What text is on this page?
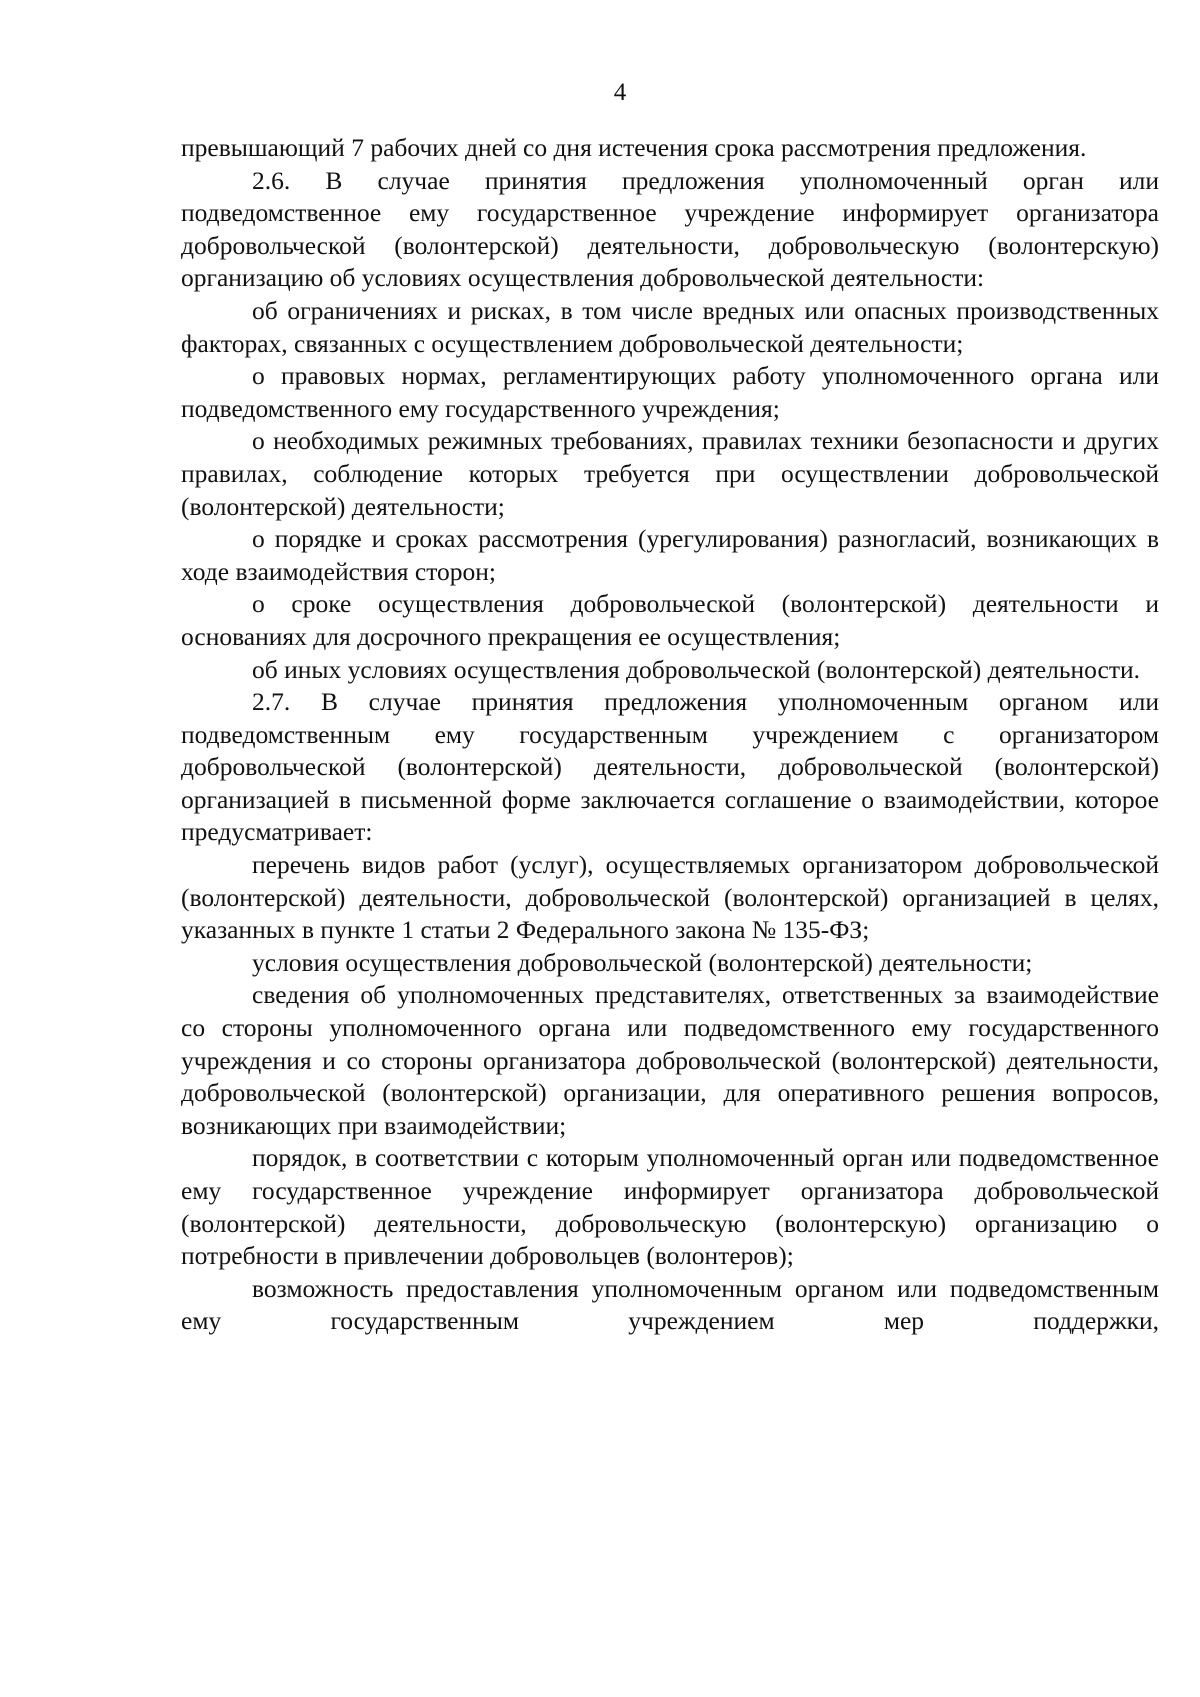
4

превышающий 7 рабочих дней со дня истечения срока рассмотрения предложения.

2.6. В случае принятия предложения уполномоченный орган или подведомственное ему государственное учреждение информирует организатора добровольческой (волонтерской) деятельности, добровольческую (волонтерскую) организацию об условиях осуществления добровольческой деятельности:

об ограничениях и рисках, в том числе вредных или опасных производственных факторах, связанных с осуществлением добровольческой деятельности;

о правовых нормах, регламентирующих работу уполномоченного органа или подведомственного ему государственного учреждения;

о необходимых режимных требованиях, правилах техники безопасности и других правилах, соблюдение которых требуется при осуществлении добровольческой (волонтерской) деятельности;

о порядке и сроках рассмотрения (урегулирования) разногласий, возникающих в ходе взаимодействия сторон;

о сроке осуществления добровольческой (волонтерской) деятельности и основаниях для досрочного прекращения ее осуществления;

об иных условиях осуществления добровольческой (волонтерской) деятельности.

2.7. В случае принятия предложения уполномоченным органом или подведомственным ему государственным учреждением с организатором добровольческой (волонтерской) деятельности, добровольческой (волонтерской) организацией в письменной форме заключается соглашение о взаимодействии, которое предусматривает:

перечень видов работ (услуг), осуществляемых организатором добровольческой (волонтерской) деятельности, добровольческой (волонтерской) организацией в целях, указанных в пункте 1 статьи 2 Федерального закона № 135-ФЗ;

условия осуществления добровольческой (волонтерской) деятельности;

сведения об уполномоченных представителях, ответственных за взаимодействие со стороны уполномоченного органа или подведомственного ему государственного учреждения и со стороны организатора добровольческой (волонтерской) деятельности, добровольческой (волонтерской) организации, для оперативного решения вопросов, возникающих при взаимодействии;

порядок, в соответствии с которым уполномоченный орган или подведомственное ему государственное учреждение информирует организатора добровольческой (волонтерской) деятельности, добровольческую (волонтерскую) организацию о потребности в привлечении добровольцев (волонтеров);

возможность предоставления уполномоченным органом или подведомственным ему государственным учреждением мер поддержки,
